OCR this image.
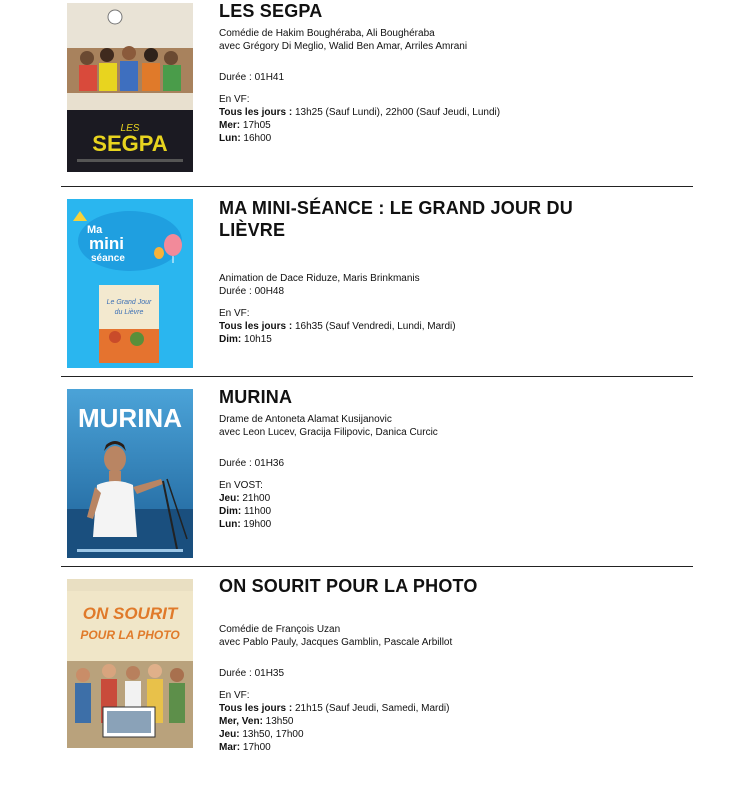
LES
SEGPA
LES SEGPA
Comédie de Hakim Boughéraba, Ali Boughéraba
avec Grégory Di Meglio, Walid Ben Amar, Arriles Amrani
Durée : 01H41
En VF:
Tous les jours : 13h25 (Sauf Lundi), 22h00 (Sauf Jeudi, Lundi)
Mer: 17h05
Lun: 16h00
Ma
mini
séance
Le Grand Jour
du Lièvre
MA MINI-SÉANCE : LE GRAND JOUR DU LIÈVRE
Animation de Dace Riduze, Maris Brinkmanis
Durée : 00H48
En VF:
Tous les jours : 16h35 (Sauf Vendredi, Lundi, Mardi)
Dim: 10h15
MURINA
MURINA
Drame de Antoneta Alamat Kusijanovic
avec Leon Lucev, Gracija Filipovic, Danica Curcic
Durée : 01H36
En VOST:
Jeu: 21h00
Dim: 11h00
Lun: 19h00
ON SOURIT
POUR LA PHOTO
ON SOURIT POUR LA PHOTO
Comédie de François Uzan
avec Pablo Pauly, Jacques Gamblin, Pascale Arbillot
Durée : 01H35
En VF:
Tous les jours : 21h15 (Sauf Jeudi, Samedi, Mardi)
Mer, Ven: 13h50
Jeu: 13h50, 17h00
Mar: 17h00
